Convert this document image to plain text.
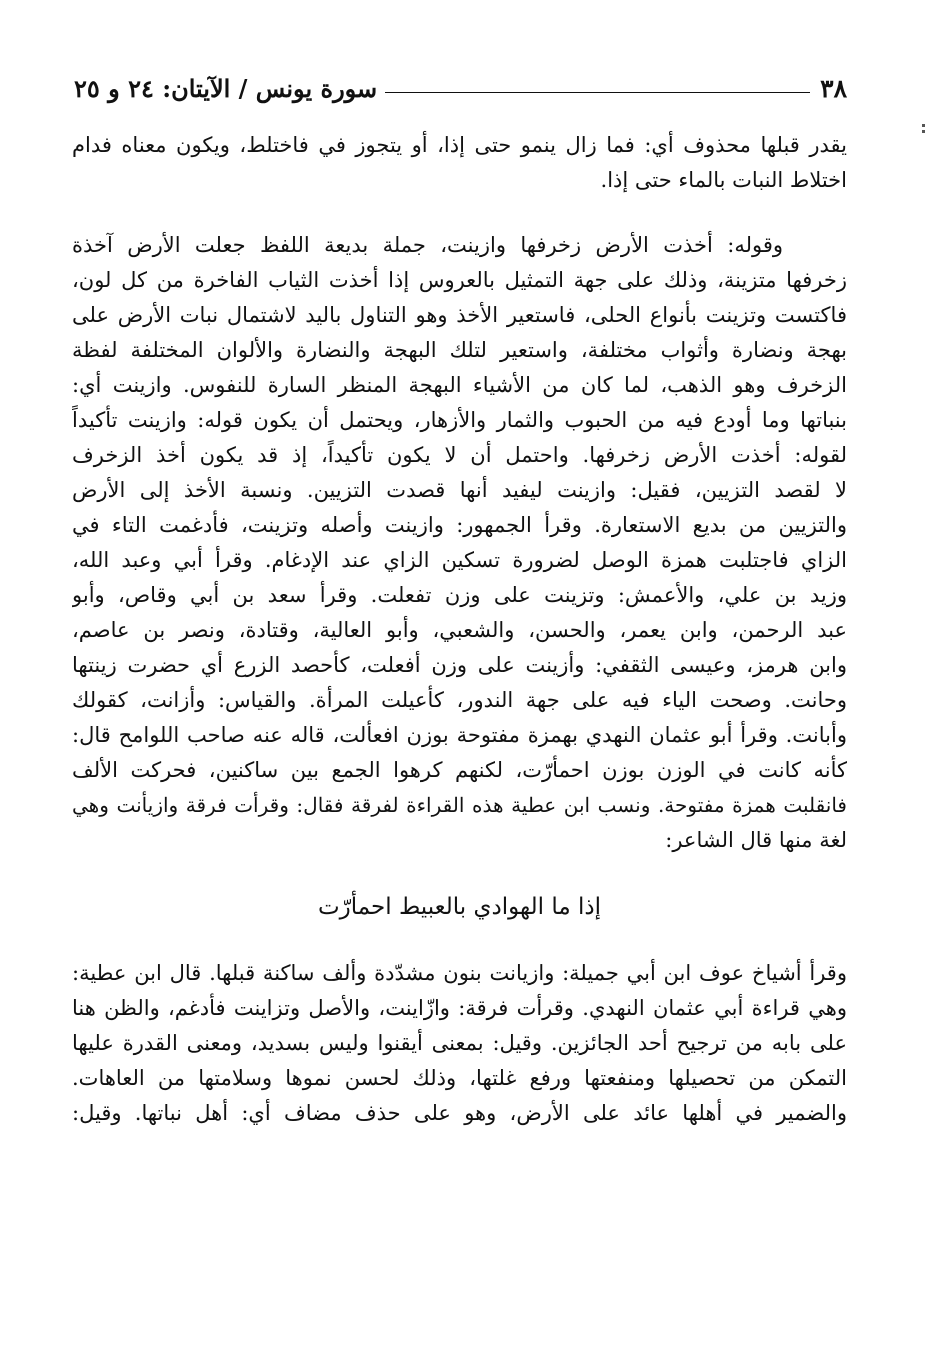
٣٨
سورة يونس / الآيتان: ٢٤ و ٢٥
يقدر قبلها محذوف أي: فما زال ينمو حتى إذا، أو يتجوز في فاختلط، ويكون معناه فدام
اختلاط النبات بالماء حتى إذا.
وقوله: أخذت الأرض زخرفها وازينت، جملة بديعة اللفظ جعلت الأرض آخذة
زخرفها متزينة، وذلك على جهة التمثيل بالعروس إذا أخذت الثياب الفاخرة من كل لون،
فاكتست وتزينت بأنواع الحلى، فاستعير الأخذ وهو التناول باليد لاشتمال نبات الأرض على
بهجة ونضارة وأثواب مختلفة، واستعير لتلك البهجة والنضارة والألوان المختلفة لفظة
الزخرف وهو الذهب، لما كان من الأشياء البهجة المنظر السارة للنفوس. وازينت أي:
بنباتها وما أودع فيه من الحبوب والثمار والأزهار، ويحتمل أن يكون قوله: وازينت تأكيداً
لقوله: أخذت الأرض زخرفها. واحتمل أن لا يكون تأكيداً، إذ قد يكون أخذ الزخرف
لا لقصد التزيين، فقيل: وازينت ليفيد أنها قصدت التزيين. ونسبة الأخذ إلى الأرض
والتزيين من بديع الاستعارة. وقرأ الجمهور: وازينت وأصله وتزينت، فأدغمت التاء في
الزاي فاجتلبت همزة الوصل لضرورة تسكين الزاي عند الإدغام. وقرأ أبي وعبد الله،
وزيد بن علي، والأعمش: وتزينت على وزن تفعلت. وقرأ سعد بن أبي وقاص، وأبو
عبد الرحمن، وابن يعمر، والحسن، والشعبي، وأبو العالية، وقتادة، ونصر بن عاصم،
وابن هرمز، وعيسى الثقفي: وأزينت على وزن أفعلت، كأحصد الزرع أي حضرت زينتها
وحانت. وصحت الياء فيه على جهة الندور، كأعيلت المرأة. والقياس: وأزانت، كقولك
وأبانت. وقرأ أبو عثمان النهدي بهمزة مفتوحة بوزن افعألت، قاله عنه صاحب اللوامح قال:
كأنه كانت في الوزن بوزن احمأرّت، لكنهم كرهوا الجمع بين ساكنين، فحركت الألف
فانقلبت همزة مفتوحة. ونسب ابن عطية هذه القراءة لفرقة فقال: وقرأت فرقة وازيأنت وهي
لغة منها قال الشاعر:
إذا ما الهوادي بالعبيط احمأرّت
وقرأ أشياخ عوف ابن أبي جميلة: وازيانت بنون مشدّدة وألف ساكنة قبلها. قال ابن عطية:
وهي قراءة أبي عثمان النهدي. وقرأت فرقة: وازّاينت، والأصل وتزاينت فأدغم، والظن هنا
على بابه من ترجيح أحد الجائزين. وقيل: بمعنى أيقنوا وليس بسديد، ومعنى القدرة عليها
التمكن من تحصيلها ومنفعتها ورفع غلتها، وذلك لحسن نموها وسلامتها من العاهات.
والضمير في أهلها عائد على الأرض، وهو على حذف مضاف أي: أهل نباتها. وقيل:
